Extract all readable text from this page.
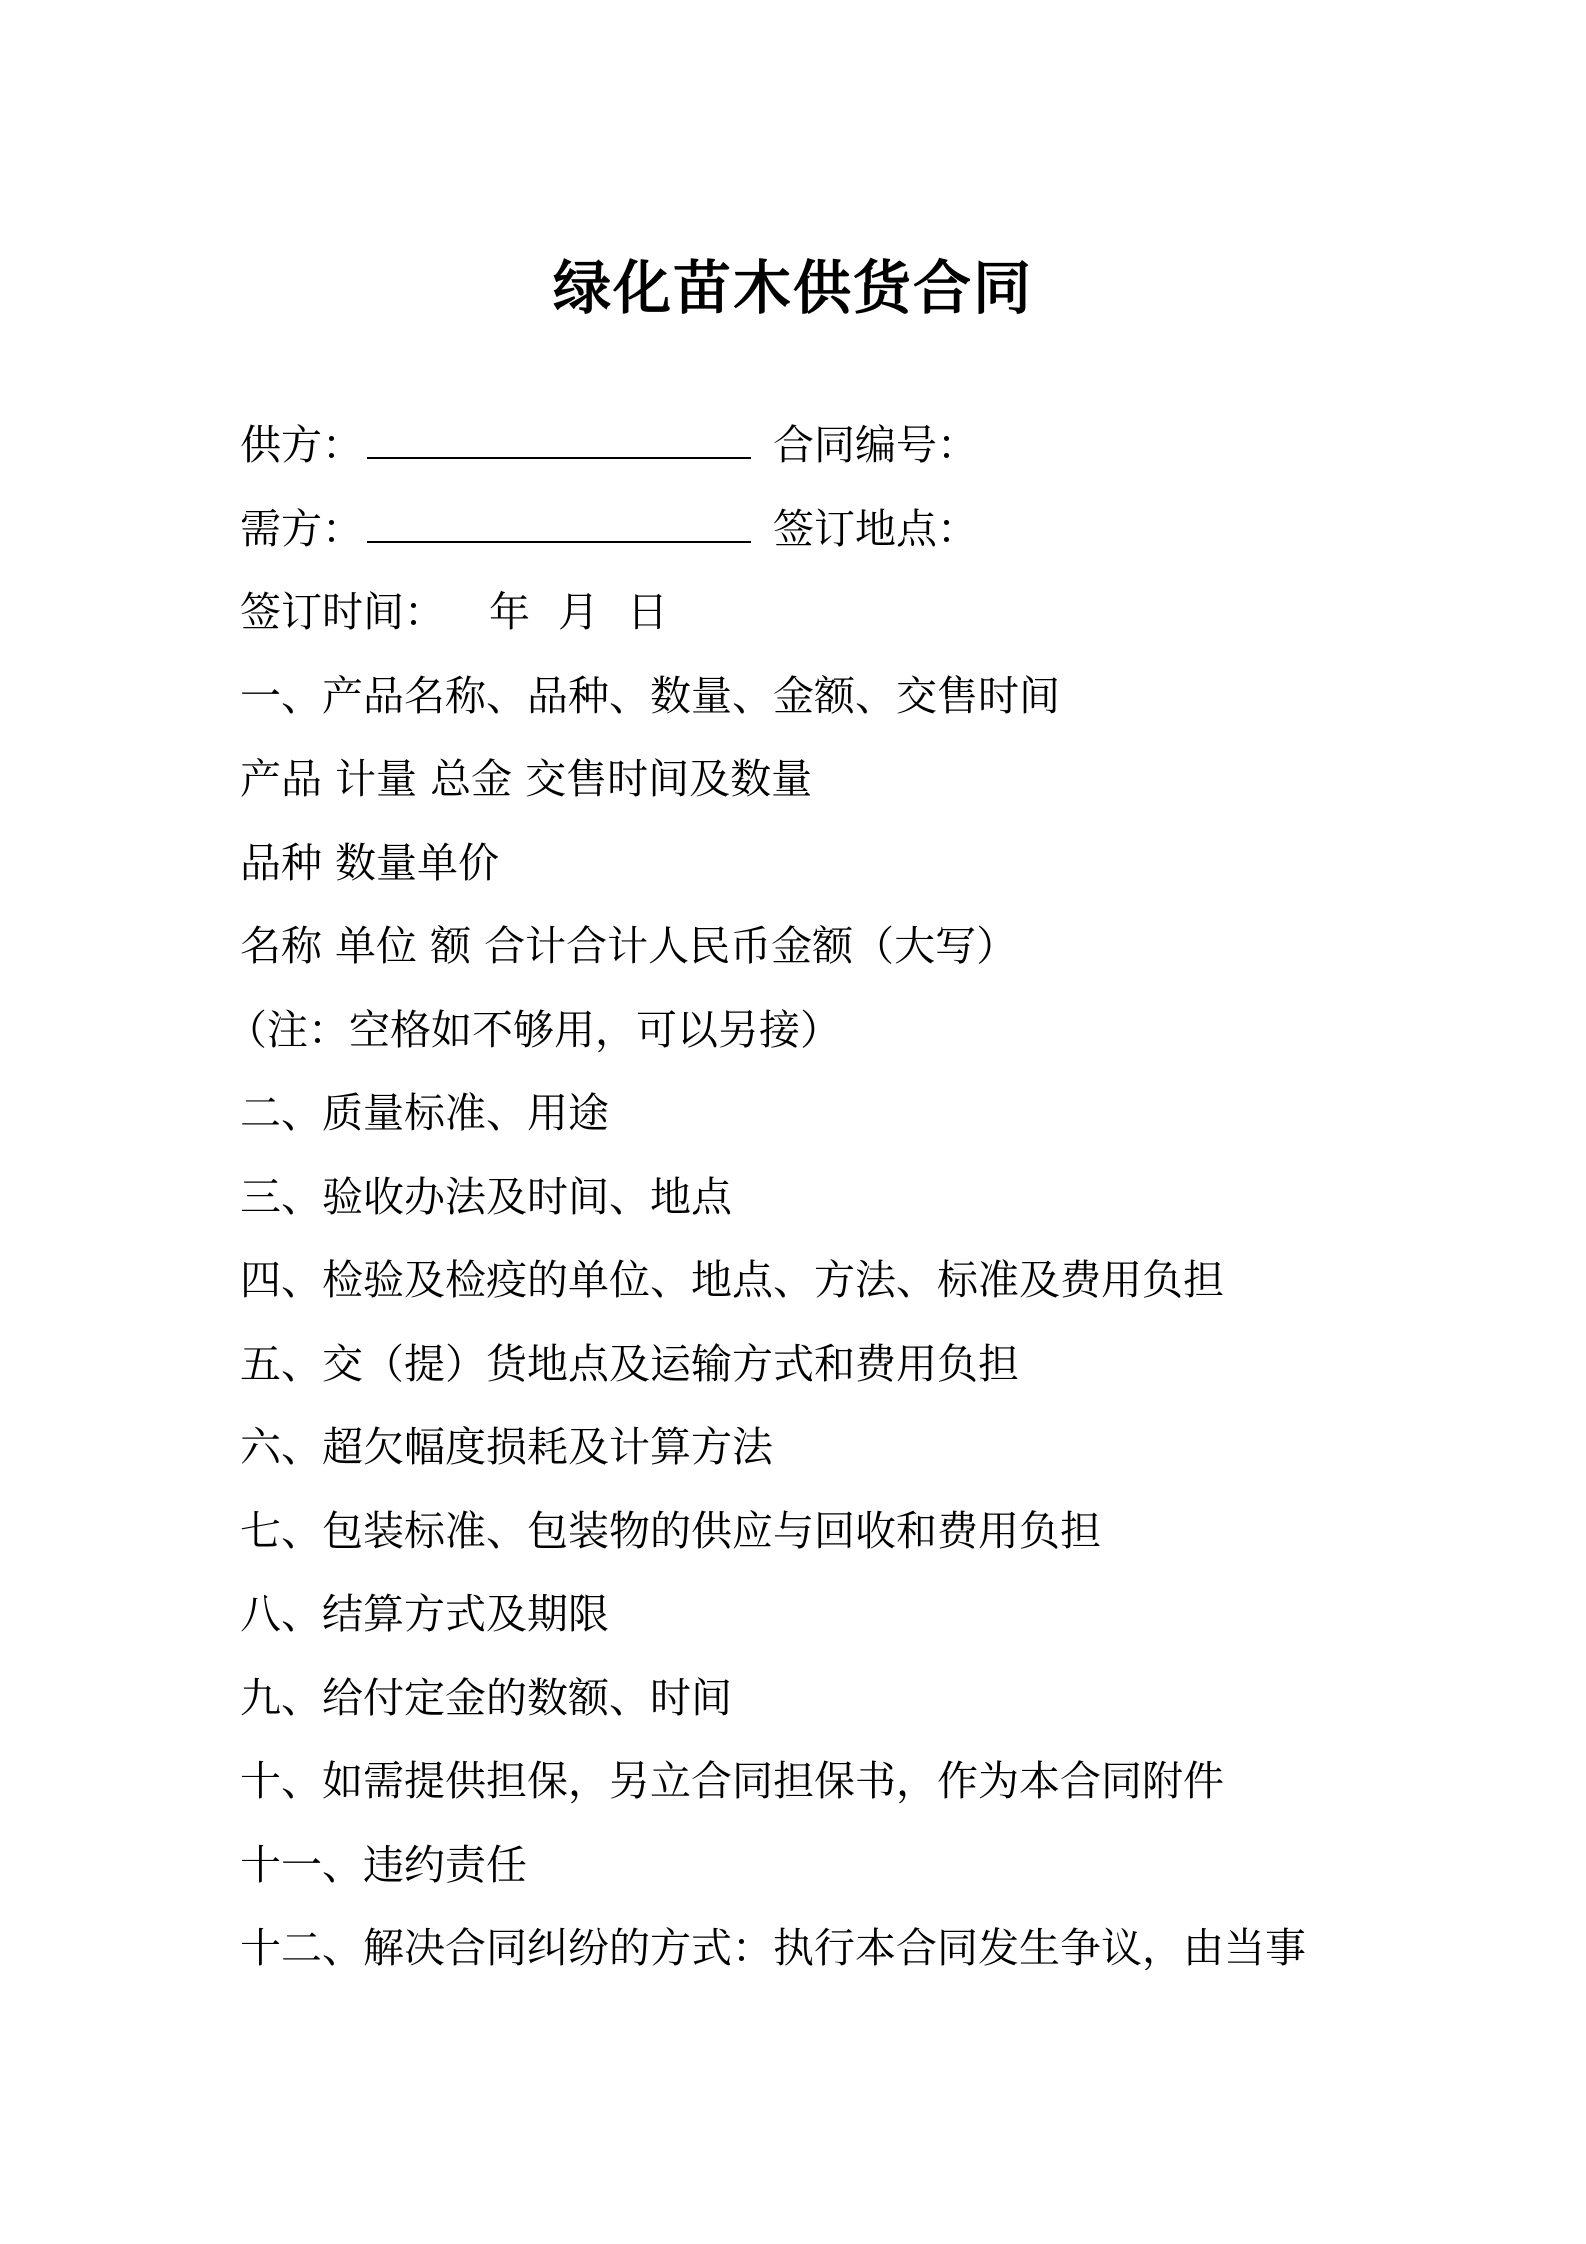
绿化苗木供货合同
供方：	合同编号：
需方：	签订地点：
签订时间： 年 月 日
一、产品名称、品种、数量、金额、交售时间
产品 计量 总金 交售时间及数量
品种 数量单价
名称 单位 额 合计合计人民币金额（大写）
（注：空格如不够用，可以另接）
二、质量标准、用途
三、验收办法及时间、地点
四、检验及检疫的单位、地点、方法、标准及费用负担
五、交（提）货地点及运输方式和费用负担
六、超欠幅度损耗及计算方法
七、包装标准、包装物的供应与回收和费用负担
八、结算方式及期限
九、给付定金的数额、时间
十、如需提供担保，另立合同担保书，作为本合同附件
十一、违约责任
十二、解决合同纠纷的方式：执行本合同发生争议，由当事
